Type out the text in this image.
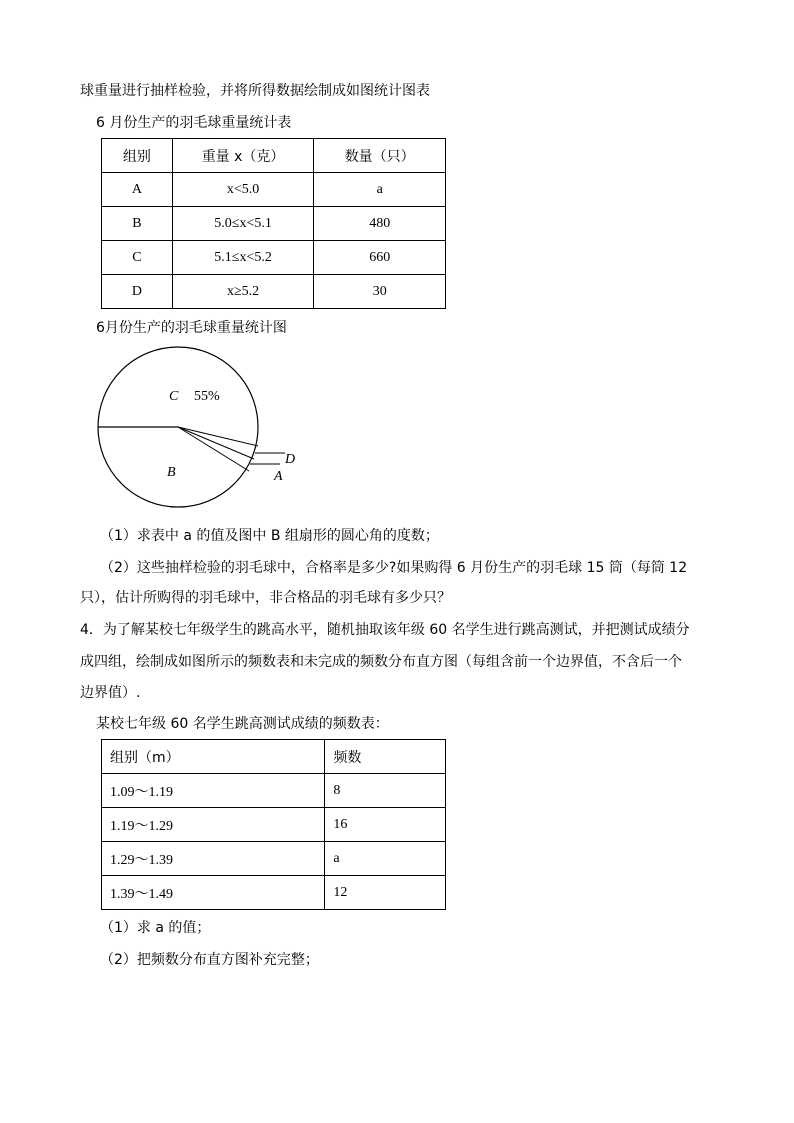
球重量进行抽样检验，并将所得数据绘制成如图统计图表
6 月份生产的羽毛球重量统计表
组别	重量 x（克）	数量（只）
A	x<5.0	a
B	5.0≤x<5.1	480
C	5.1≤x<5.2	660
D	x≥5.2	30
6月份生产的羽毛球重量统计图
C 55%
B
D
A
（1）求表中 a 的值及图中 B 组扇形的圆心角的度数；
（2）这些抽样检验的羽毛球中，合格率是多少?如果购得 6 月份生产的羽毛球 15 筒（每筒 12
只），估计所购得的羽毛球中，非合格品的羽毛球有多少只？
4．为了解某校七年级学生的跳高水平，随机抽取该年级 60 名学生进行跳高测试，并把测试成绩分
成四组，绘制成如图所示的频数表和未完成的频数分布直方图（每组含前一个边界值，不含后一个
边界值）.
某校七年级 60 名学生跳高测试成绩的频数表：
组别（m）	频数
1.09～1.19	8
1.19～1.29	16
1.29～1.39	a
1.39～1.49	12
（1）求 a 的值；
（2）把频数分布直方图补充完整；
